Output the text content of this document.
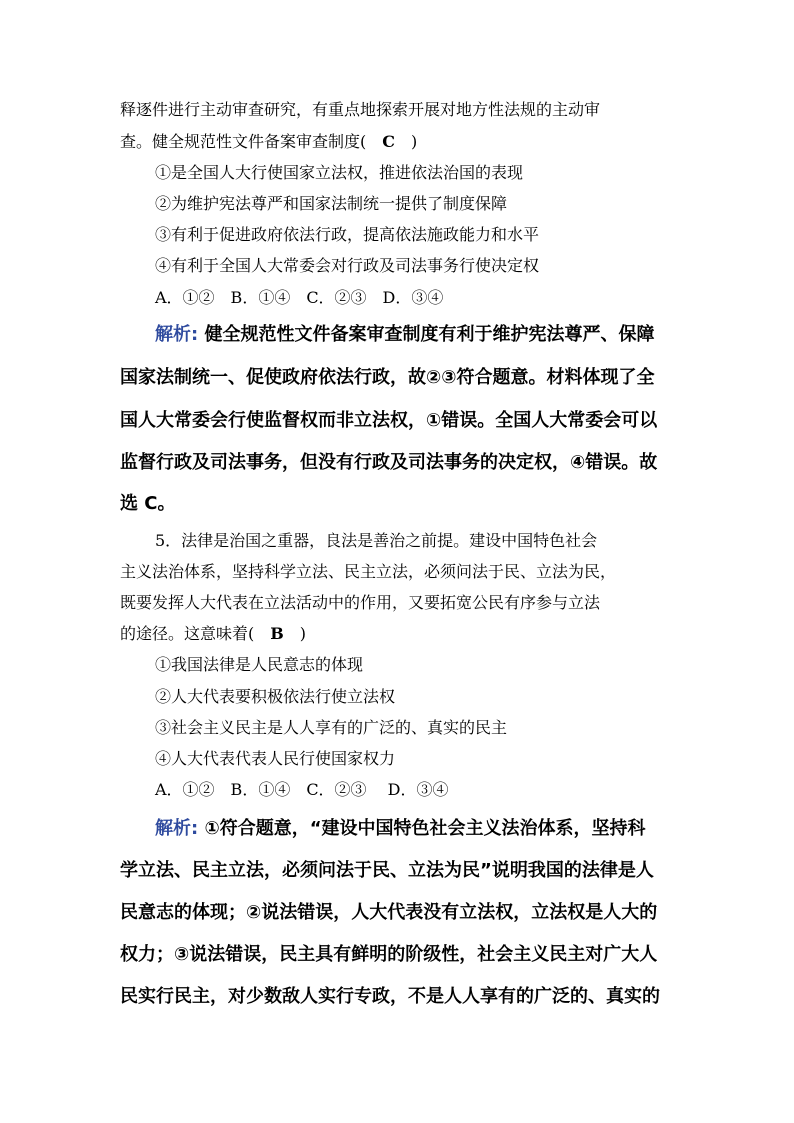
释逐件进行主动审查研究，有重点地探索开展对地方性法规的主动审
查。健全规范性文件备案审查制度(　C　)
①是全国人大行使国家立法权，推进依法治国的表现
②为维护宪法尊严和国家法制统一提供了制度保障
③有利于促进政府依法行政，提高依法施政能力和水平
④有利于全国人大常委会对行政及司法事务行使决定权
A．①②　B．①④　C．②③　D．③④
解析: 健全规范性文件备案审查制度有利于维护宪法尊严、保障
国家法制统一、促使政府依法行政，故②③符合题意。材料体现了全
国人大常委会行使监督权而非立法权，①错误。全国人大常委会可以
监督行政及司法事务，但没有行政及司法事务的决定权，④错误。故
选 C。
5．法律是治国之重器，良法是善治之前提。建设中国特色社会
主义法治体系，坚持科学立法、民主立法，必须问法于民、立法为民，
既要发挥人大代表在立法活动中的作用，又要拓宽公民有序参与立法
的途径。这意味着(　B　)
①我国法律是人民意志的体现
②人大代表要积极依法行使立法权
③社会主义民主是人人享有的广泛的、真实的民主
④人大代表代表人民行使国家权力
A．①②　B．①④　C．②③　 D．③④
解析: ①符合题意，“建设中国特色社会主义法治体系，坚持科
学立法、民主立法，必须问法于民、立法为民”说明我国的法律是人
民意志的体现；②说法错误，人大代表没有立法权，立法权是人大的
权力；③说法错误，民主具有鲜明的阶级性，社会主义民主对广大人
民实行民主，对少数敌人实行专政，不是人人享有的广泛的、真实的
